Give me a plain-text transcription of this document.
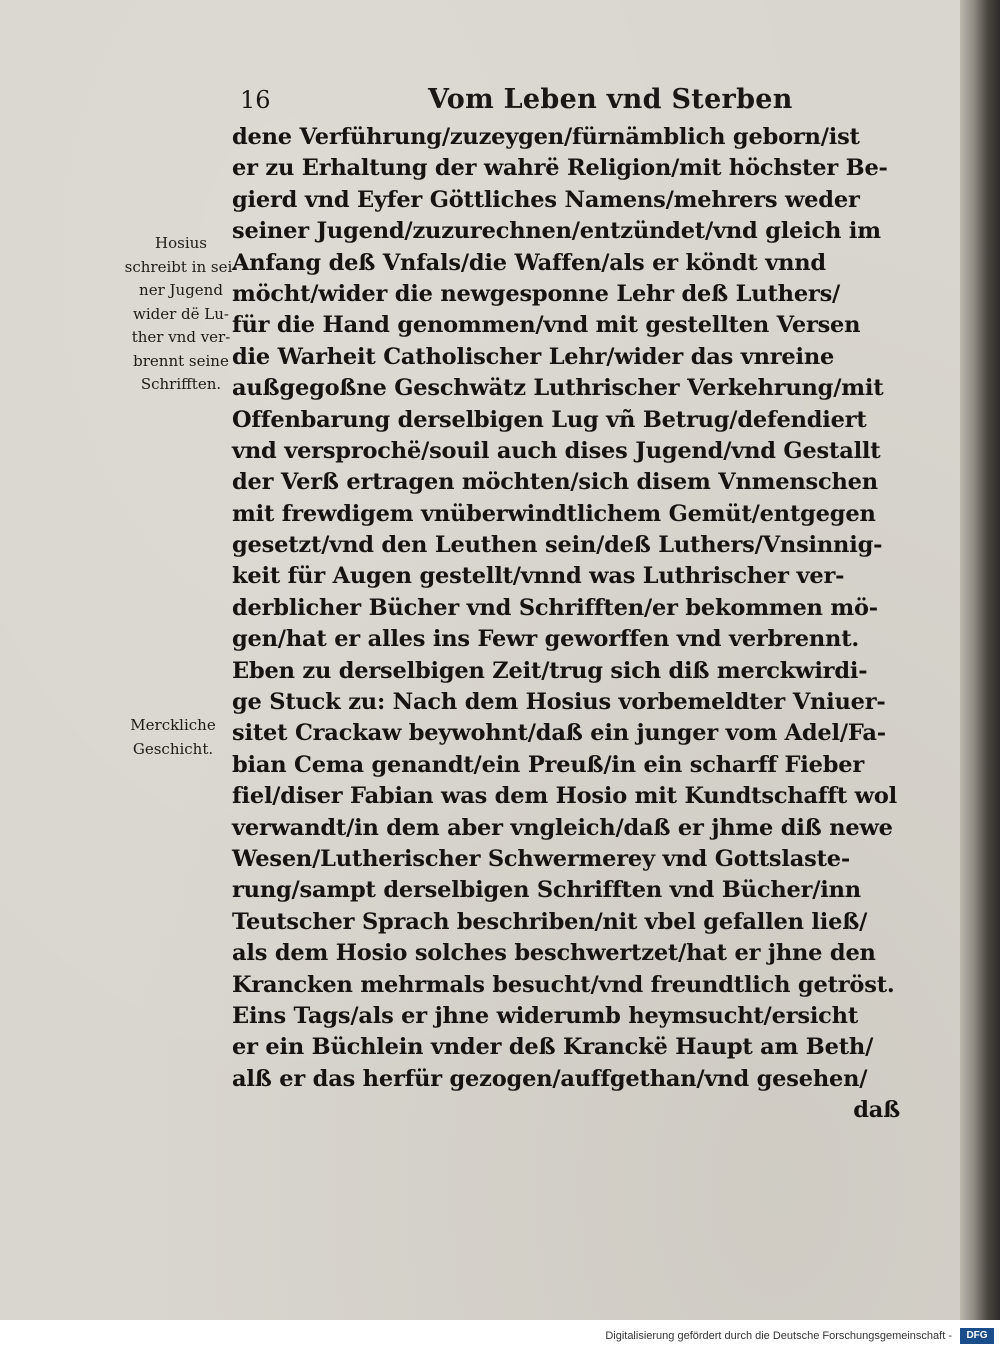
16	Vom Leben vnd Sterben
Hosius
schreibt in sei-
ner Jugend
wider dë Lu-
ther vnd ver-
brennt seine
Schrifften.
Merckliche
Geschicht.
dene Verführung/zuzeygen/fürnämblich geborn/ist
er zu Erhaltung der wahrë Religion/mit höchster Be-
gierd vnd Eyfer Göttliches Namens/mehrers weder
seiner Jugend/zuzurechnen/entzündet/vnd gleich im
Anfang deß Vnfals/die Waffen/als er köndt vnnd
möcht/wider die newgesponne Lehr deß Luthers/
für die Hand genommen/vnd mit gestellten Versen
die Warheit Catholischer Lehr/wider das vnreine
außgegoßne Geschwätz Luthrischer Verkehrung/mit
Offenbarung derselbigen Lug vñ Betrug/defendiert
vnd versprochë/souil auch dises Jugend/vnd Gestallt
der Verß ertragen möchten/sich disem Vnmenschen
mit frewdigem vnüberwindtlichem Gemüt/entgegen
gesetzt/vnd den Leuthen sein/deß Luthers/Vnsinnig-
keit für Augen gestellt/vnnd was Luthrischer ver-
derblicher Bücher vnd Schrifften/er bekommen mö-
gen/hat er alles ins Fewr geworffen vnd verbrennt.
Eben zu derselbigen Zeit/trug sich diß merckwirdi-
ge Stuck zu: Nach dem Hosius vorbemeldter Vniuer-
sitet Crackaw beywohnt/daß ein junger vom Adel/Fa-
bian Cema genandt/ein Preuß/in ein scharff Fieber
fiel/diser Fabian was dem Hosio mit Kundtschafft wol
verwandt/in dem aber vngleich/daß er jhme diß newe
Wesen/Lutherischer Schwermerey vnd Gottslaste-
rung/sampt derselbigen Schrifften vnd Bücher/inn
Teutscher Sprach beschriben/nit vbel gefallen ließ/
als dem Hosio solches beschwertzet/hat er jhne den
Krancken mehrmals besucht/vnd freundtlich getröst.
Eins Tags/als er jhne widerumb heymsucht/ersicht
er ein Büchlein vnder deß Kranckë Haupt am Beth/
alß er das herfür gezogen/auffgethan/vnd gesehen/
daß
Digitalisierung gefördert durch die Deutsche Forschungsgemeinschaft -	DFG
